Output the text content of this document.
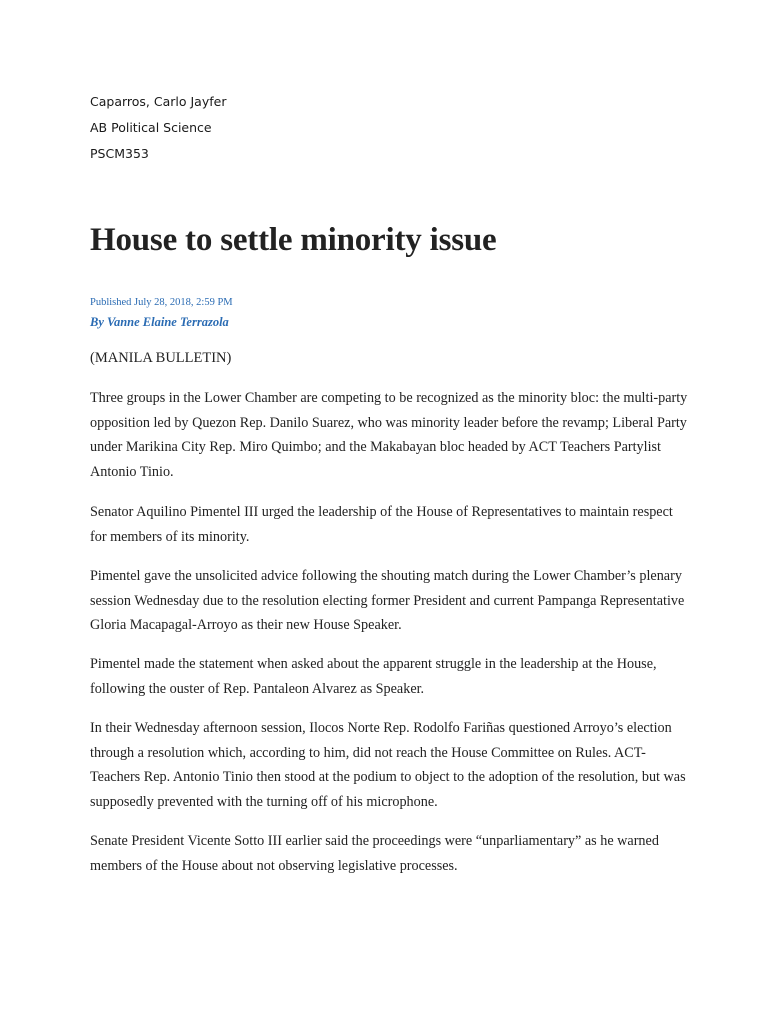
Caparros, Carlo Jayfer
AB Political Science
PSCM353
House to settle minority issue
Published July 28, 2018, 2:59 PM
By Vanne Elaine Terrazola
(MANILA BULLETIN)
Three groups in the Lower Chamber are competing to be recognized as the minority bloc: the multi-party
opposition led by Quezon Rep. Danilo Suarez, who was minority leader before the revamp; Liberal Party
under Marikina City Rep. Miro Quimbo; and the Makabayan bloc headed by ACT Teachers Partylist
Antonio Tinio.
Senator Aquilino Pimentel III urged the leadership of the House of Representatives to maintain respect
for members of its minority.
Pimentel gave the unsolicited advice following the shouting match during the Lower Chamber’s plenary
session Wednesday due to the resolution electing former President and current Pampanga Representative
Gloria Macapagal-Arroyo as their new House Speaker.
Pimentel made the statement when asked about the apparent struggle in the leadership at the House,
following the ouster of Rep. Pantaleon Alvarez as Speaker.
In their Wednesday afternoon session, Ilocos Norte Rep. Rodolfo Fariñas questioned Arroyo’s election
through a resolution which, according to him, did not reach the House Committee on Rules. ACT-
Teachers Rep. Antonio Tinio then stood at the podium to object to the adoption of the resolution, but was
supposedly prevented with the turning off of his microphone.
Senate President Vicente Sotto III earlier said the proceedings were “unparliamentary” as he warned
members of the House about not observing legislative processes.
